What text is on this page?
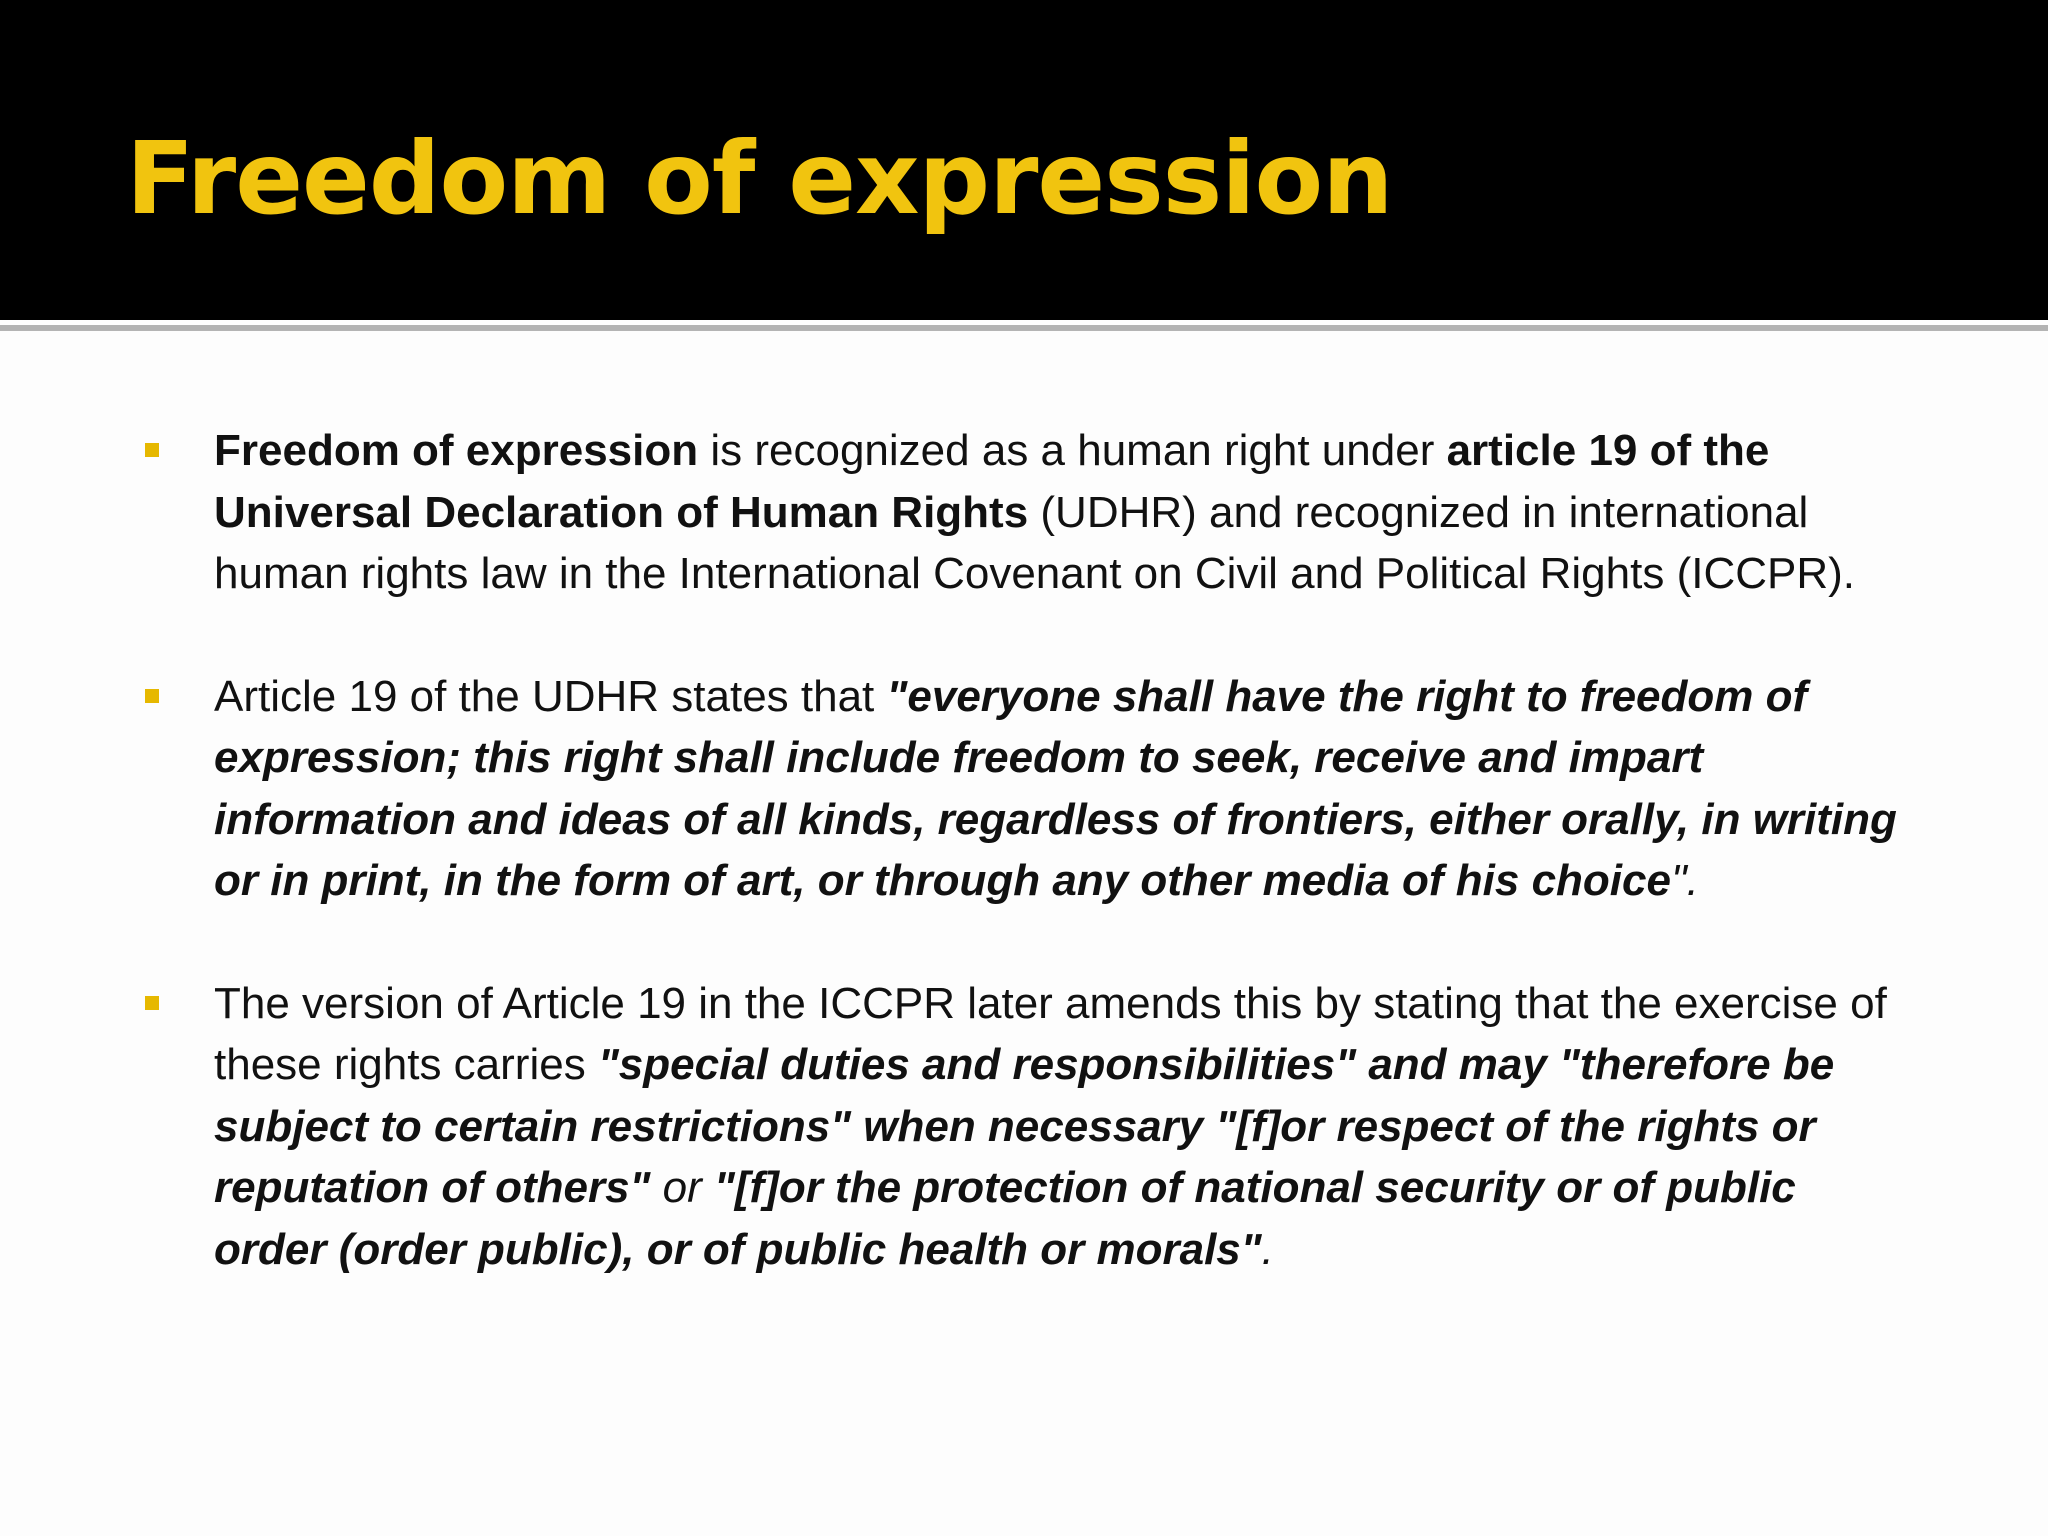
Freedom of expression

Freedom of expression is recognized as a human right under article 19 of the Universal Declaration of Human Rights (UDHR) and recognized in international human rights law in the International Covenant on Civil and Political Rights (ICCPR).

Article 19 of the UDHR states that "everyone shall have the right to freedom of expression; this right shall include freedom to seek, receive and impart information and ideas of all kinds, regardless of frontiers, either orally, in writing or in print, in the form of art, or through any other media of his choice".

The version of Article 19 in the ICCPR later amends this by stating that the exercise of these rights carries "special duties and responsibilities" and may "therefore be subject to certain restrictions" when necessary "[f]or respect of the rights or reputation of others" or "[f]or the protection of national security or of public order (order public), or of public health or morals".
